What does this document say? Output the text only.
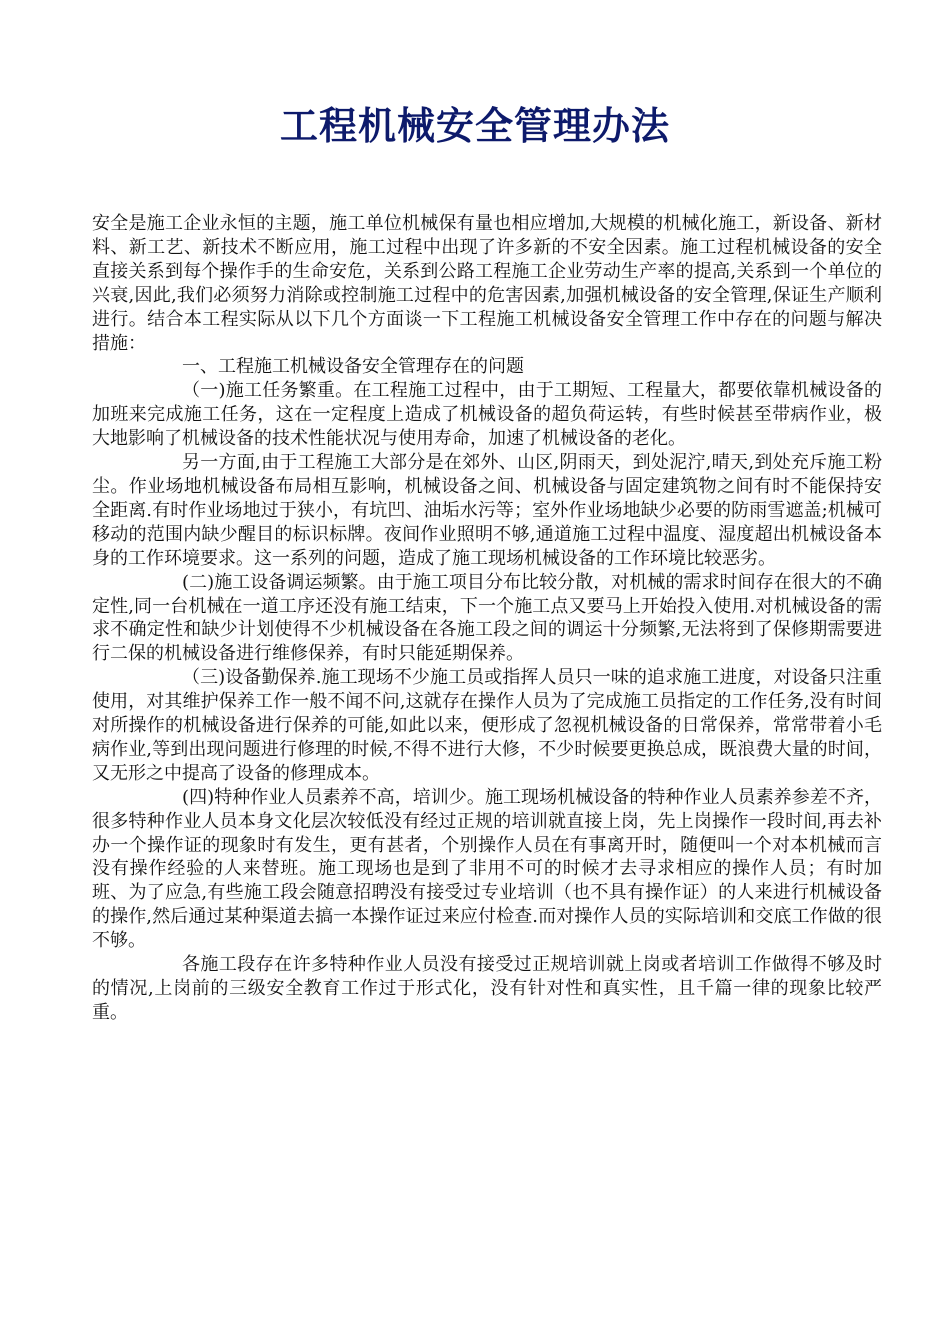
工程机械安全管理办法

安全是施工企业永恒的主题，施工单位机械保有量也相应增加,大规模的机械化施工，新设备、新材料、新工艺、新技术不断应用，施工过程中出现了许多新的不安全因素。施工过程机械设备的安全直接关系到每个操作手的生命安危，关系到公路工程施工企业劳动生产率的提高,关系到一个单位的兴衰,因此,我们必须努力消除或控制施工过程中的危害因素,加强机械设备的安全管理,保证生产顺利进行。结合本工程实际从以下几个方面谈一下工程施工机械设备安全管理工作中存在的问题与解决措施：

一、工程施工机械设备安全管理存在的问题

（一)施工任务繁重。在工程施工过程中，由于工期短、工程量大，都要依靠机械设备的加班来完成施工任务，这在一定程度上造成了机械设备的超负荷运转，有些时候甚至带病作业，极大地影响了机械设备的技术性能状况与使用寿命，加速了机械设备的老化。

另一方面,由于工程施工大部分是在郊外、山区,阴雨天，到处泥泞,晴天,到处充斥施工粉尘。作业场地机械设备布局相互影响，机械设备之间、机械设备与固定建筑物之间有时不能保持安全距离.有时作业场地过于狭小，有坑凹、油垢水污等；室外作业场地缺少必要的防雨雪遮盖;机械可移动的范围内缺少醒目的标识标牌。夜间作业照明不够,通道施工过程中温度、湿度超出机械设备本身的工作环境要求。这一系列的问题，造成了施工现场机械设备的工作环境比较恶劣。

(二)施工设备调运频繁。由于施工项目分布比较分散，对机械的需求时间存在很大的不确定性,同一台机械在一道工序还没有施工结束，下一个施工点又要马上开始投入使用.对机械设备的需求不确定性和缺少计划使得不少机械设备在各施工段之间的调运十分频繁,无法将到了保修期需要进行二保的机械设备进行维修保养，有时只能延期保养。

（三)设备勤保养.施工现场不少施工员或指挥人员只一味的追求施工进度，对设备只注重使用，对其维护保养工作一般不闻不问,这就存在操作人员为了完成施工员指定的工作任务,没有时间对所操作的机械设备进行保养的可能,如此以来，便形成了忽视机械设备的日常保养，常常带着小毛病作业,等到出现问题进行修理的时候,不得不进行大修，不少时候要更换总成，既浪费大量的时间，又无形之中提高了设备的修理成本。

(四)特种作业人员素养不高，培训少。施工现场机械设备的特种作业人员素养参差不齐，很多特种作业人员本身文化层次较低没有经过正规的培训就直接上岗，先上岗操作一段时间,再去补办一个操作证的现象时有发生，更有甚者，个别操作人员在有事离开时，随便叫一个对本机械而言没有操作经验的人来替班。施工现场也是到了非用不可的时候才去寻求相应的操作人员；有时加班、为了应急,有些施工段会随意招聘没有接受过专业培训（也不具有操作证）的人来进行机械设备的操作,然后通过某种渠道去搞一本操作证过来应付检查.而对操作人员的实际培训和交底工作做的很不够。

各施工段存在许多特种作业人员没有接受过正规培训就上岗或者培训工作做得不够及时的情况,上岗前的三级安全教育工作过于形式化，没有针对性和真实性，且千篇一律的现象比较严重。
